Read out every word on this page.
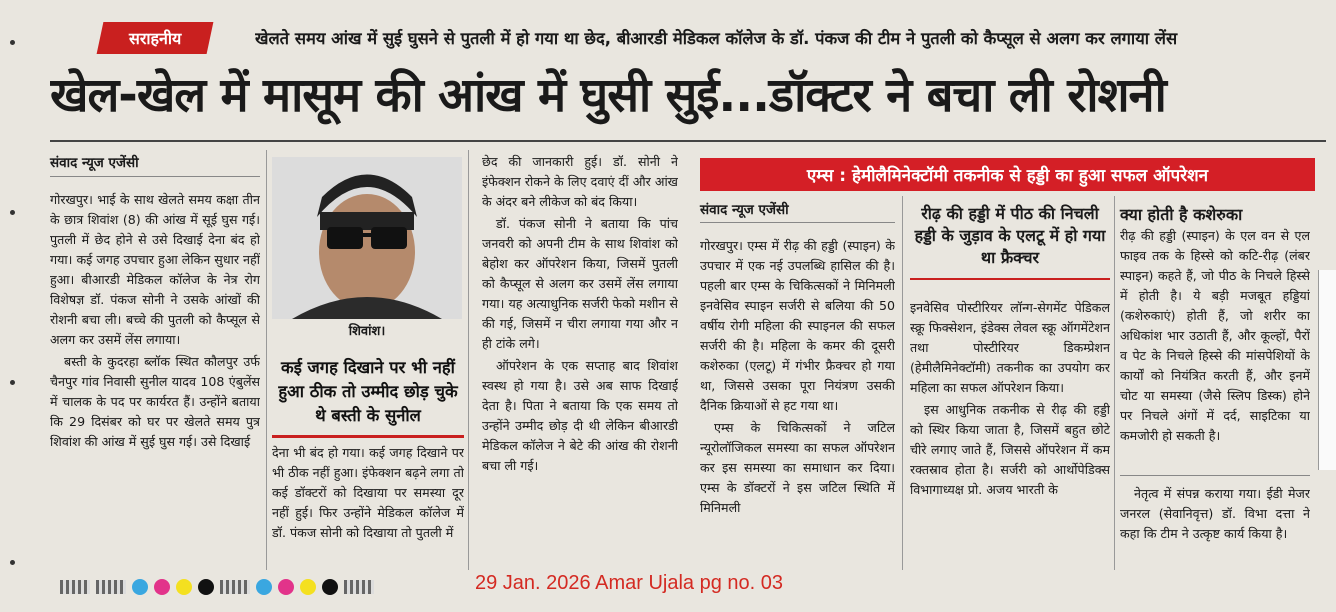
सराहनीय	खेलते समय आंख में सुई घुसने से पुतली में हो गया था छेद, बीआरडी मेडिकल कॉलेज के डॉ. पंकज की टीम ने पुतली को कैप्सूल से अलग कर लगाया लेंस
खेल-खेल में मासूम की आंख में घुसी सुई...डॉक्टर ने बचा ली रोशनी
संवाद न्यूज एजेंसी

गोरखपुर। भाई के साथ खेलते समय कक्षा तीन के छात्र शिवांश (8) की आंख में सूई घुस गई। पुतली में छेद होने से उसे दिखाई देना बंद हो गया। कई जगह उपचार हुआ लेकिन सुधार नहीं हुआ। बीआरडी मेडिकल कॉलेज के नेत्र रोग विशेषज्ञ डॉ. पंकज सोनी ने उसके आंखों की रोशनी बचा ली। बच्चे की पुतली को कैप्सूल से अलग कर उसमें लेंस लगाया।

बस्ती के कुदरहा ब्लॉक स्थित कौलपुर उर्फ चैनपुर गांव निवासी सुनील यादव 108 एंबुलेंस में चालक के पद पर कार्यरत हैं। उन्होंने बताया कि 29 दिसंबर को घर पर खेलते समय पुत्र शिवांश की आंख में सुई घुस गई। उसे दिखाई

शिवांश।
कई जगह दिखाने पर भी नहीं हुआ ठीक तो उम्मीद छोड़ चुके थे बस्ती के सुनील

देना भी बंद हो गया। कई जगह दिखाने पर भी ठीक नहीं हुआ। इंफेक्शन बढ़ने लगा तो कई डॉक्टरों को दिखाया पर समस्या दूर नहीं हुई। फिर उन्होंने मेडिकल कॉलेज में डॉ. पंकज सोनी को दिखाया तो पुतली में

छेद की जानकारी हुई। डॉ. सोनी ने इंफेक्शन रोकने के लिए दवाएं दीं और आंख के अंदर बने लीकेज को बंद किया।

डॉ. पंकज सोनी ने बताया कि पांच जनवरी को अपनी टीम के साथ शिवांश को बेहोश कर ऑपरेशन किया, जिसमें पुतली को कैप्सूल से अलग कर उसमें लेंस लगाया गया। यह अत्याधुनिक सर्जरी फेको मशीन से की गई, जिसमें न चीरा लगाया गया और न ही टांके लगे।

ऑपरेशन के एक सप्ताह बाद शिवांश स्वस्थ हो गया है। उसे अब साफ दिखाई देता है। पिता ने बताया कि एक समय तो उन्होंने उम्मीद छोड़ दी थी लेकिन बीआरडी मेडिकल कॉलेज ने बेटे की आंख की रोशनी बचा ली गई।

एम्स : हेमीलैमिनेक्टॉमी तकनीक से हड्डी का हुआ सफल ऑपरेशन
संवाद न्यूज एजेंसी

गोरखपुर। एम्स में रीढ़ की हड्डी (स्पाइन) के उपचार में एक नई उपलब्धि हासिल की है। पहली बार एम्स के चिकित्सकों ने मिनिमली इनवेसिव स्पाइन सर्जरी से बलिया की 50 वर्षीय रोगी महिला की स्पाइनल की सफल सर्जरी की है। महिला के कमर की दूसरी कशेरुका (एलटू) में गंभीर फ्रैक्चर हो गया था, जिससे उसका पूरा नियंत्रण उसकी दैनिक क्रियाओं से हट गया था।

एम्स के चिकित्सकों ने जटिल न्यूरोलॉजिकल समस्या का सफल ऑपरेशन कर इस समस्या का समाधान कर दिया। एम्स के डॉक्टरों ने इस जटिल स्थिति में मिनिमली

रीढ़ की हड्डी में पीठ की निचली हड्डी के जुड़ाव के एलटू में हो गया था फ्रैक्चर

इनवेसिव पोस्टीरियर लॉन्ग-सेगमेंट पेडिकल स्क्रू फिक्सेशन, इंडेक्स लेवल स्क्रू ऑगमेंटेशन तथा पोस्टीरियर डिकम्प्रेशन (हेमीलैमिनेक्टॉमी) तकनीक का उपयोग कर महिला का सफल ऑपरेशन किया।

इस आधुनिक तकनीक से रीढ़ की हड्डी को स्थिर किया जाता है, जिसमें बहुत छोटे चीरे लगाए जाते हैं, जिससे ऑपरेशन में कम रक्तस्राव होता है। सर्जरी को आर्थोपेडिक्स विभागाध्यक्ष प्रो. अजय भारती के

क्या होती है कशेरुका

रीढ़ की हड्डी (स्पाइन) के एल वन से एल फाइव तक के हिस्से को कटि-रीढ़ (लंबर स्पाइन) कहते हैं, जो पीठ के निचले हिस्से में होती है। ये बड़ी मजबूत हड्डियां (कशेरुकाएं) होती हैं, जो शरीर का अधिकांश भार उठाती हैं, और कूल्हों, पैरों व पेट के निचले हिस्से की मांसपेशियों के कार्यों को नियंत्रित करती हैं, और इनमें चोट या समस्या (जैसे स्लिप डिस्क) होने पर निचले अंगों में दर्द, साइटिका या कमजोरी हो सकती है।

नेतृत्व में संपन्न कराया गया। ईडी मेजर जनरल (सेवानिवृत्त) डॉ. विभा दत्ता ने कहा कि टीम ने उत्कृष्ट कार्य किया है।

29 Jan. 2026 Amar Ujala pg no. 03
